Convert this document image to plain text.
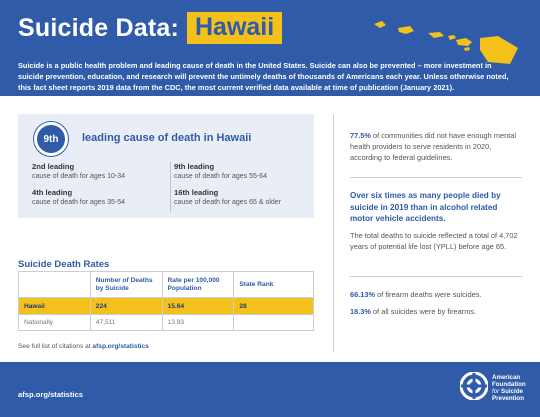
Suicide Data: Hawaii

Suicide is a public health problem and leading cause of death in the United States. Suicide can also be prevented – more investment in suicide prevention, education, and research will prevent the untimely deaths of thousands of Americans each year. Unless otherwise noted, this fact sheet reports 2019 data from the CDC, the most current verified data available at time of publication (January 2021).

9th	leading cause of death in Hawaii
2nd leading
cause of death for ages 10-34
4th leading
cause of death for ages 35-54
9th leading
cause of death for ages 55-64
16th leading
cause of death for ages 65 & older
Suicide Death Rates
	Number of Deaths by Suicide	Rate per 100,000 Population	State Rank
Hawaii	224	15.64	28
Nationally	47,511	13.93	
See full list of citations at afsp.org/statistics

77.5% of communities did not have enough mental health providers to serve residents in 2020, according to federal guidelines.

Over six times as many people died by suicide in 2019 than in alcohol related motor vehicle accidents.

The total deaths to suicide reflected a total of 4,702 years of potential life lost (YPLL) before age 65.

66.13% of firearm deaths were suicides.

18.3% of all suicides were by firearms.

afsp.org/statistics
American
Foundation
for Suicide
Prevention
